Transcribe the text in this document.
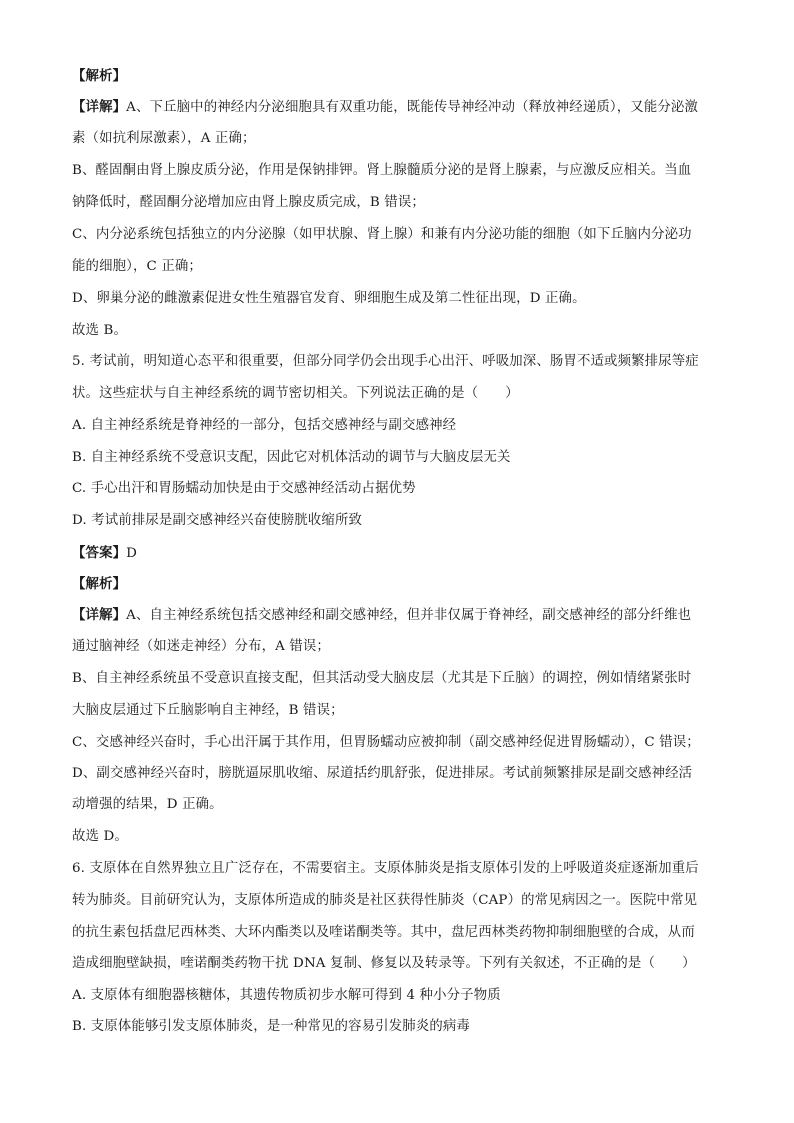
【解析】
【详解】A、下丘脑中的神经内分泌细胞具有双重功能，既能传导神经冲动（释放神经递质），又能分泌激
素（如抗利尿激素），A 正确；
B、醛固酮由肾上腺皮质分泌，作用是保钠排钾。肾上腺髓质分泌的是肾上腺素，与应激反应相关。当血
钠降低时，醛固酮分泌增加应由肾上腺皮质完成，B 错误；
C、内分泌系统包括独立的内分泌腺（如甲状腺、肾上腺）和兼有内分泌功能的细胞（如下丘脑内分泌功
能的细胞），C 正确；
D、卵巢分泌的雌激素促进女性生殖器官发育、卵细胞生成及第二性征出现，D 正确。
故选 B。
5. 考试前，明知道心态平和很重要，但部分同学仍会出现手心出汗、呼吸加深、肠胃不适或频繁排尿等症
状。这些症状与自主神经系统的调节密切相关。下列说法正确的是（　　）
A. 自主神经系统是脊神经的一部分，包括交感神经与副交感神经
B. 自主神经系统不受意识支配，因此它对机体活动的调节与大脑皮层无关
C. 手心出汗和胃肠蠕动加快是由于交感神经活动占据优势
D. 考试前排尿是副交感神经兴奋使膀胱收缩所致
【答案】D
【解析】
【详解】A、自主神经系统包括交感神经和副交感神经，但并非仅属于脊神经，副交感神经的部分纤维也
通过脑神经（如迷走神经）分布，A 错误；
B、自主神经系统虽不受意识直接支配，但其活动受大脑皮层（尤其是下丘脑）的调控，例如情绪紧张时
大脑皮层通过下丘脑影响自主神经，B 错误；
C、交感神经兴奋时，手心出汗属于其作用，但胃肠蠕动应被抑制（副交感神经促进胃肠蠕动），C 错误；
D、副交感神经兴奋时，膀胱逼尿肌收缩、尿道括约肌舒张，促进排尿。考试前频繁排尿是副交感神经活
动增强的结果，D 正确。
故选 D。
6. 支原体在自然界独立且广泛存在，不需要宿主。支原体肺炎是指支原体引发的上呼吸道炎症逐渐加重后
转为肺炎。目前研究认为，支原体所造成的肺炎是社区获得性肺炎（CAP）的常见病因之一。医院中常见
的抗生素包括盘尼西林类、大环内酯类以及喹诺酮类等。其中，盘尼西林类药物抑制细胞壁的合成，从而
造成细胞壁缺损，喹诺酮类药物干扰 DNA 复制、修复以及转录等。下列有关叙述，不正确的是（　　）
A. 支原体有细胞器核糖体，其遗传物质初步水解可得到 4 种小分子物质
B. 支原体能够引发支原体肺炎，是一种常见的容易引发肺炎的病毒
